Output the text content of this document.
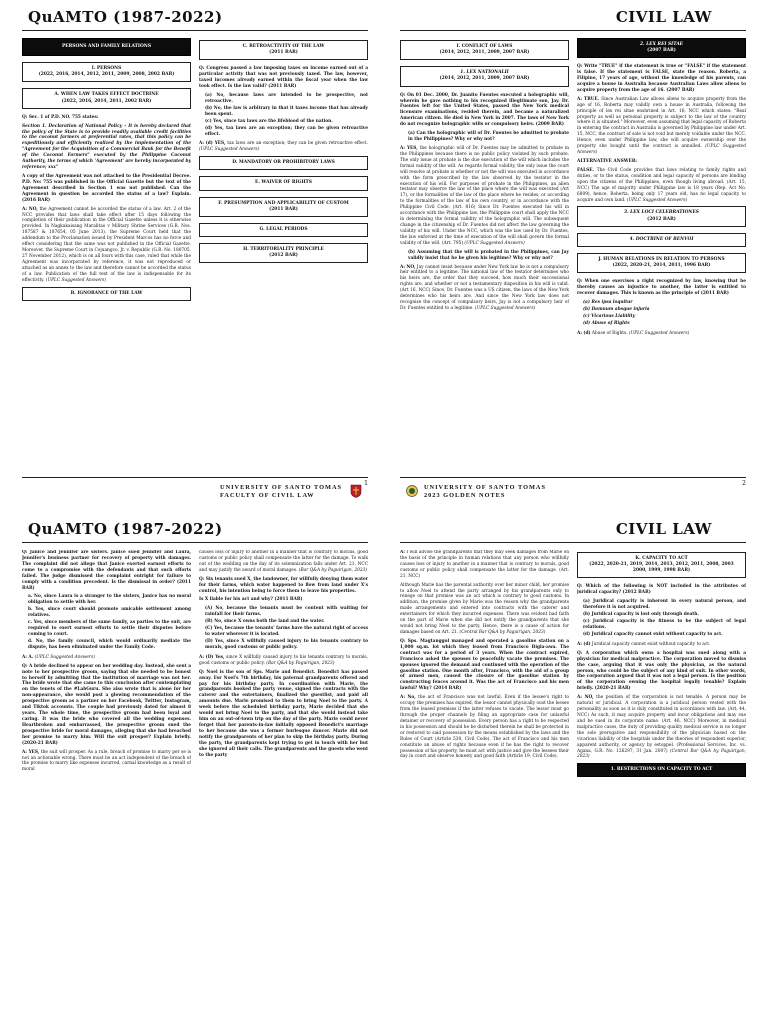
QuAMTO (1987-2022)
PERSONS AND FAMILY RELATIONS
I. PERSONS
(2022, 2016, 2014, 2012, 2011, 2009, 2008, 2002 BAR)
A. WHEN LAW TAKES EFFECT DOCTRINE
(2022, 2016, 2014, 2011, 2002 BAR)

Q: Sec. 1 of P.D. NO. 755 states:

Section 1. Declaration of National Policy – It is hereby declared that the policy of the State is to provide readily available credit facilities to the coconut farmers at preferential rates, that this policy can be expeditiously and efficiently realized by the implementation of the "Agreement for the Acquisition of a Commercial Bank for the Benefit of the Coconut Farmers" executed by the Philippine Coconut Authority, the terms of which 'Agreement' are hereby incorporated by reference; xxx"

A copy of the Agreement was not attached to the Presidential Decree. P.D. No: 755 was published in the Official Gazette but the text of the Agreement described in Section 1 was not published. Can the Agreement in question be accorded the status of a law? Explain. (2016 BAR)

A: NO, the Agreement cannot be accorded the status of a law. Art. 2 of the NCC provides that laws shall take effect after 15 days following the completion of their publication in the Official Gazette unless it is otherwise provided. In Nagkakaisang Maralitao v Military Shrine Services (G.R. Nos. 187587 & 187654, 05 June 2013), the Supreme Court held that the addendum to the Proclamation issued by President Marcos has no force and effect considering that the same was not published in the Official Gazette. Moreover, the Supreme Court in Cojuangco, Jr. v. Republic (G.R. No. 180705, 27 November 2012), which is on all fours with this case, ruled that while the Agreement was incorporated by reference, it was not reproduced or attached as an annex to the law and therefore cannot be accorded the status of a law. Publication of the full text of the law is indispensable for its effectivity. (UPLC Suggested Answers)

B. IGNORANCE OF THE LAW
C. RETROACTIVITY OF THE LAW
(2011 BAR)

Q: Congress passed a law imposing taxes on income earned out of a particular activity that was not previously taxed. The law, however, taxed incomes already earned within the fiscal year when the law took effect. Is the law valid? (2011 BAR)

(a) No, because laws are intended to be prospective, not retroactive.
(b) No, the law is arbitrary in that it taxes income that has already been spent.
(c) Yes, since tax laws are the lifeblood of the nation.
(d) Yes, tax laws are an exception; they can be given retroactive effect.

A: (d) YES, tax laws are an exception; they can be given retroactive effect. (UPLC Suggested Answers)

D. MANDATORY OR PROHIBITORY LAWS
E. WAIVER OF RIGHTS
F. PRESUMPTION AND APPLICABILITY OF CUSTOM
(2011 BAR)
G. LEGAL PERIODS
H. TERRITORIALITY PRINCIPLE
(2012 BAR)
1
UNIVERSITY OF SANTO TOMAS
FACULTY OF CIVIL LAW
CIVIL LAW
I. CONFLICT OF LAWS
(2014, 2012, 2011, 2009, 2007 BAR)
1. LEX NATIONALII
(2014, 2012, 2011, 2009, 2007 BAR)

Q: On 01 Dec. 2000, Dr. Juanito Fuentes executed a holographic will, wherein he gave nothing to his recognized illegitimate son, Jay. Dr. Fuentes left for the United States, passed the New York medical licensure examinations, resided therein, and became a naturalized American citizen. He died in New York in 2007. The laws of New York do not recognize holographic wills or compulsory heirs. (2009 BAR)

(a) Can the holographic will of Dr. Fuentes be admitted to probate in the Philippines? Why or why not?

A: YES, the holographic will of Dr. Fuentes may be admitted to probate in the Philippines because there is no public policy violated by such probate. The only issue at probate is the due execution of the will which includes the formal validity of the will. As regards formal validity, the only issue the court will resolve at probate is whether or not the will was executed in accordance with the form prescribed by the law observed by the testator in the execution of his will. For purposes of probate in the Philippines, an alien testator may observe the law of the place where the will was executed (Art 17), or the formalities of the law of the place where he resides, or according to the formalities of the law of his own country, or in accordance with the Philippine Civil Code. (Art. 816) Since Dr. Fuentes executed his will in accordance with the Philippine law, the Philippine court shall apply the NCC in determining the formal validity of the holographic will. The subsequent change in the citizenship of Dr. Fuentes did not affect the law governing the validity of his will. Under the NCC, which was the law used by Dr. Fuentes, the law enforced at the time of execution of the will shall govern the formal validity of the will. (Art. 795) (UPLC Suggested Answers)

(b) Assuming that the will is probated in the Philippines, can Jay validly insist that he be given his legitime? Why or why not?

A: NO, Jay cannot insist because under New York law he is not a compulsory heir entitled to a legitime. The national law of the testator determines who his heirs are, the order that they succeed, how much their successional rights are, and whether or not a testamentary disposition in his will is valid. (Art 16, NCC) Since, Dr. Fuentes was a US citizen, the laws of the New York determines who his heirs are. And since the New York law does not recognize the concept of compulsory heirs, Jay is not a compulsory heir of Dr. Fuentes entitled to a legitime. (UPLC Suggested Answers)

2. LEX REI SITAE
(2007 BAR)

Q: Write "TRUE" if the statement is true or "FALSE" if the statement is false. If the statement is FALSE, state the reason. Roberta, a Filipino, 17 years of age, without the knowledge of his parents, can acquire a house in Australia because Australian Laws allow aliens to acquire property from the age of 16. (2007 BAR)

A: TRUE. Since Australian Law allows aliens to acquire property from the age of 16, Roberta may validly own a house in Australia, following the principle of lex rei sitae enshrined in Art. 16, NCC which states: "Real property as well as personal property is subject to the law of the country where it is situated." Moreover, even assuming that legal capacity of Roberta in entering the contract in Australia is governed by Philippine law under Art. 15, NCC, the contract of sale is not void but merely voidable under the NCC. Hence, even under Philippine law, she will acquire ownership over the property she bought until the contract is annulled. (UPLC Suggested Answers)

ALTERNATIVE ANSWER:

FALSE. The Civil Code provides that laws relating to family rights and duties, or to the status, condition and legal capacity of persons are binding upon the citizens of the Philippines, even though living abroad. (Art. 15, NCC) The age of majority under Philippine law is 18 years (Rep. Act No. 6809), hence, Roberta, being only 17 years old, has no legal capacity to acquire and own land. (UPLC Suggested Answers)

3. LEX LOCI CELEBRATIONES
(2012 BAR)
4. DOCTRINE OF RENVOI
J. HUMAN RELATIONS IN RELATION TO PERSONS
(2022, 2020-21, 2014, 2011, 1996 BAR)

Q: When one exercises a right recognized by law, knowing that he thereby causes an injustice to another, the latter is entitled to recover damages. This is known as the principle of (2011 BAR)

(a) Res ipsa loquitur
(b) Damnum absque injuria
(c) Vicarious Liability
(d) Abuse of Rights

A: (d) Abuse of Rights. (UPLC Suggested Answers)

UNIVERSITY OF SANTO TOMAS
2023 GOLDEN NOTES
2
QuAMTO (1987-2022)

Q: Janice and Jennifer are sisters. Janice sued Jennifer and Laura, Jennifer's business partner for recovery of property with damages. The complaint did not allege that Janice exerted earnest efforts to come to a compromise with the defendants and that such efforts failed. The judge dismissed the complaint outright for failure to comply with a condition precedent. Is the dismissal in order? (2011 BAR)

a. No, since Laura is a stranger to the sisters, Janice has no moral obligation to settle with her.
b. Yes, since court should promote amicable settlement among relatives.
c. Yes, since members of the same family, as parties to the suit, are required to exert earnest efforts to settle their disputes before coming to court.
d. No, the family council, which would ordinarily mediate the dispute, has been eliminated under the Family Code.

A: A. (UPLC Suggested Answers)

Q: A bride declined to appear on her wedding day. Instead, she sent a note to her prospective groom, saying that she needed to be honest to herself by admitting that the institution of marriage was not her. The bride wrote that she came to this conclusion after contemplating on the tenets of the #LabGuru. She also wrote that is alone for her non-appearance, she would post a glowing recommendation of the prospective groom as a partner on her Facebook, Twitter, Instagram, and Tiktok accounts. The couple had previously dated for almost 8 years. The whole time, the prospective groom had been loyal and caring. It was the bride who covered all the wedding expenses. Heartbroken and embarrassed, the prospective groom sued the prospective bride for moral damages, alleging that she had breached her promise to marry him. Will the suit prosper? Explain briefly. (2020-21 BAR)

A: YES, the suit will prosper. As a rule, breach of promise to marry per se is not an actionable wrong. There must be an act independent of the breach of the promise to marry like expenses incurred, carnal knowledge as a result of moral

causes loss or injury to another in a manner that is contrary to morals, good customs or public policy shall compensate the latter for the damage. To walk out of the wedding on the day of its solemnization falls under Art. 21, NCC and may justify the award of moral damages. (Bar Q&A by Paguirigan, 2023)

Q: Six tenants sued X, the landowner, for willfully denying them water for their farms, which water happened to flow from land under X's control, his intention being to force them to leave his properties.

Is X liable for his act and why? (2011 BAR)

(A) No, because the tenants must be content with waiting for rainfall for their farms.
(B) No, since X owns both the land and the water.
(C) Yes, because the tenants' farms have the natural right of access to water wherever it is located.
(D) Yes, since X willfully caused injury to his tenants contrary to morals, good customs or public policy.

A: (D) Yes, since X willfully caused injury to his tenants contrary to morals, good customs or public policy. (Bar Q&A by Paguirigan, 2023)

Q: Noel is the son of Sps. Marie and Benedict. Benedict has passed away. For Noel's 7th birthday, his paternal grandparents offered and pay for his birthday party. In coordination with Marie, the grandparents booked the party venue, signed the contracts with the caterer and the entertainers, finalized the guestlist, and paid all amounts due. Marie promised to them to bring Noel to the party. A week before the scheduled birthday party, Marie decided that she would not bring Noel to the party, and that she would instead take him on an out-of-town trip on the day of the party. Marie could never forget that her parents-in-law initially opposed Benedict's marriage to her because she was a former burlesque dancer. Marie did not notify the grandparents of her plan to skip the birthday party. During the party, the grandparents kept trying to get in touch with her but she ignored all their calls. The grandparents and the guests who went to the party

CIVIL LAW

A: I will advise the grandparents that they may seek damages from Marie on the basis of the principle in human relations that any person who willfully causes loss or injury to another in a manner that is contrary to morals, good customs or public policy shall compensate the latter for the damage. (Art. 21, NCC)

Although Marie has the parental authority over her minor child, her promise to allow Noel to attend the party arranged by his grandparents only to renege on that promise was an act which is contrary to good customs. In addition, the promise given by Marie was the reason why the grandparents made arrangements and entered into contracts with the caterer and entertainers for which they incurred expenses. There was evident bad faith on the part of Marie when she did not notify the grandparents that she would not bring Noel to the party. Hence, there is a cause of action for damages based on Art. 21. (Central Bar Q&A by Paguirigan, 2023)

Q: Sps. Magtanggol managed and operated a gasoline station on a 1,000 sq.m. lot which they leased from Francisco Bigla-awa. The contract was for a period of 3 years. When the contract expired, Francisco asked the spouses to peacefully vacate the premises. The spouses ignored the demand and continued with the operation of the gasoline station. One month after, Francisco, with the aid of a group of armed men, caused the closure of the gasoline station by constructing fences around it. Was the act of Francisco and his men lawful? Why? (2014 BAR)

A: No, the act of Francisco was not lawful. Even if the lessee's right to occupy the premises has expired, the lessor cannot physically oust the lessee from the leased premises if the latter refuses to vacate. The lessor must go through the proper channels by filing an appropriate case for unlawful detainer or recovery of possession. Every person has a right to be respected in his possession and should he be disturbed therein he shall be protected in or restored to said possession by the means established by the laws and the Rules of Court (Article 539, Civil Code). The act of Francisco and his men constitute an abuse of rights because even if he has the right to recover possession of his property, he must act with justice and give the lessees their day in court and observe honesty and good faith (Article 19, Civil Code).

K. CAPACITY TO ACT
(2022, 2020-21, 2019, 2014, 2013, 2012, 2011, 2008, 2003 2000, 1999, 1998 BAR)

Q: Which of the following is NOT included in the attributes of juridical capacity? (2012 BAR)

(a) Juridical capacity is inherent in every natural person, and therefore it is not acquired.
(b) Juridical capacity is lost only through death.
(c) Juridical capacity is the fitness to be the subject of legal relations.
(d) Juridical capacity cannot exist without capacity to act.

A: (d) Juridical capacity cannot exist without capacity to act.

Q: A corporation which owns a hospital was sued along with a physician for medical malpractice. The corporation moved to dismiss the case, arguing that it was only the physician, as the natural person, who could be the subject of any kind of suit. In other words, the corporation argued that it was not a legal person. Is the position of the corporation owning the hospital legally tenable? Explain briefly. (2020-21 BAR)

A: NO, the position of the corporation is not tenable. A person may be natural or juridical. A corporation is a juridical person vested with the personality as soon as it is duly constituted in accordance with law. (Art. 44, NCC) As such, it may acquire property and incur obligations and may sue and be sued in its corporate name. (Art. 46, NCC) Moreover, in medical malpractice cases, the duty of providing quality medical service is no longer the sole prerogative and responsibility of the physician based on the vicarious liability of the hospitals under the theories of respondent superior, apparent authority, or agency by estoppel. (Professional Services, Inc. vs. Agana, G.R. No. 126297, 31 Jan. 2007) (Central Bar Q&A by Paguirigan, 2023)

1. RESTRICTIONS ON CAPACITY TO ACT
